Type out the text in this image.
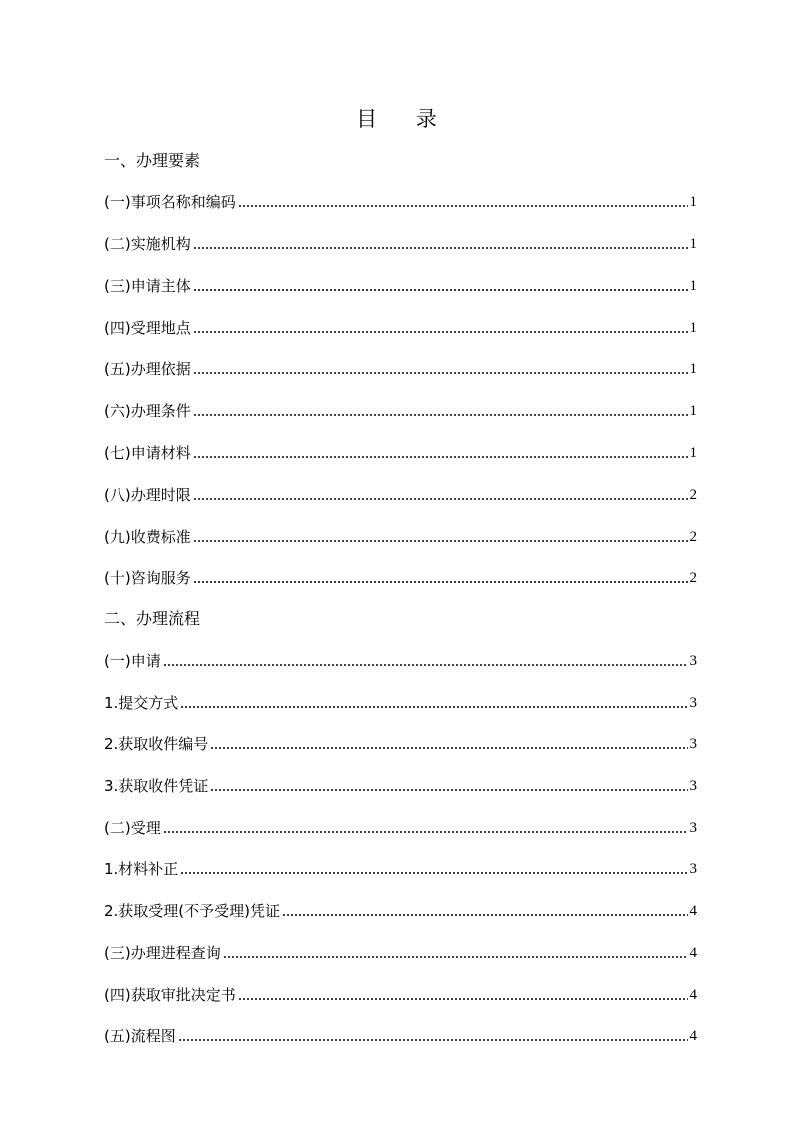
目 录
一、办理要素
(一)事项名称和编码	1
(二)实施机构	1
(三)申请主体	1
(四)受理地点	1
(五)办理依据	1
(六)办理条件	1
(七)申请材料	1
(八)办理时限	2
(九)收费标准	2
(十)咨询服务	2
二、办理流程
(一)申请	3
1.提交方式	3
2.获取收件编号	3
3.获取收件凭证	3
(二)受理	3
1.材料补正	3
2.获取受理(不予受理)凭证	4
(三)办理进程查询	4
(四)获取审批决定书	4
(五)流程图	4
